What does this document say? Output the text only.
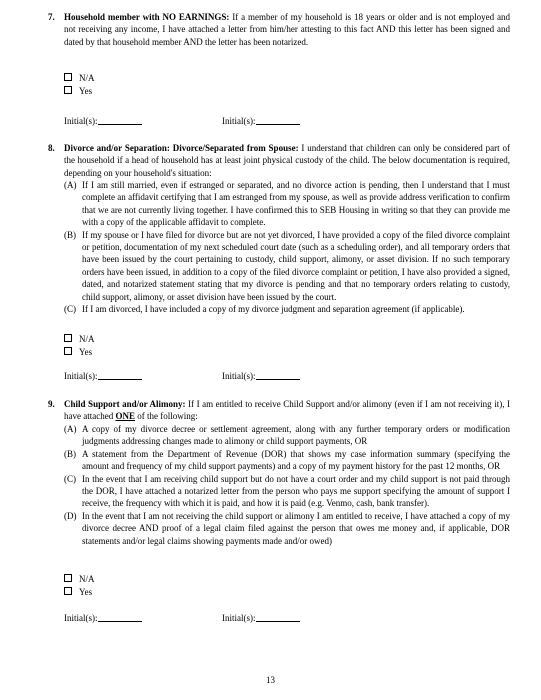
7. Household member with NO EARNINGS: If a member of my household is 18 years or older and is not employed and not receiving any income, I have attached a letter from him/her attesting to this fact AND this letter has been signed and dated by that household member AND the letter has been notarized.
N/A
Yes
Initial(s):	Initial(s):
8. Divorce and/or Separation: Divorce/Separated from Spouse: I understand that children can only be considered part of the household if a head of household has at least joint physical custody of the child. The below documentation is required, depending on your household's situation:
(A) If I am still married, even if estranged or separated, and no divorce action is pending, then I understand that I must complete an affidavit certifying that I am estranged from my spouse, as well as provide address verification to confirm that we are not currently living together. I have confirmed this to SEB Housing in writing so that they can provide me with a copy of the applicable affidavit to complete.
(B) If my spouse or I have filed for divorce but are not yet divorced, I have provided a copy of the filed divorce complaint or petition, documentation of my next scheduled court date (such as a scheduling order), and all temporary orders that have been issued by the court pertaining to custody, child support, alimony, or asset division. If no such temporary orders have been issued, in addition to a copy of the filed divorce complaint or petition, I have also provided a signed, dated, and notarized statement stating that my divorce is pending and that no temporary orders relating to custody, child support, alimony, or asset division have been issued by the court.
(C) If I am divorced, I have included a copy of my divorce judgment and separation agreement (if applicable).
N/A
Yes
Initial(s):	Initial(s):
9. Child Support and/or Alimony: If I am entitled to receive Child Support and/or alimony (even if I am not receiving it), I have attached ONE of the following:
(A) A copy of my divorce decree or settlement agreement, along with any further temporary orders or modification judgments addressing changes made to alimony or child support payments, OR
(B) A statement from the Department of Revenue (DOR) that shows my case information summary (specifying the amount and frequency of my child support payments) and a copy of my payment history for the past 12 months, OR
(C) In the event that I am receiving child support but do not have a court order and my child support is not paid through the DOR, I have attached a notarized letter from the person who pays me support specifying the amount of support I receive, the frequency with which it is paid, and how it is paid (e.g. Venmo, cash, bank transfer).
(D) In the event that I am not receiving the child support or alimony I am entitled to receive, I have attached a copy of my divorce decree AND proof of a legal claim filed against the person that owes me money and, if applicable, DOR statements and/or legal claims showing payments made and/or owed)
N/A
Yes
Initial(s):	Initial(s):
13
